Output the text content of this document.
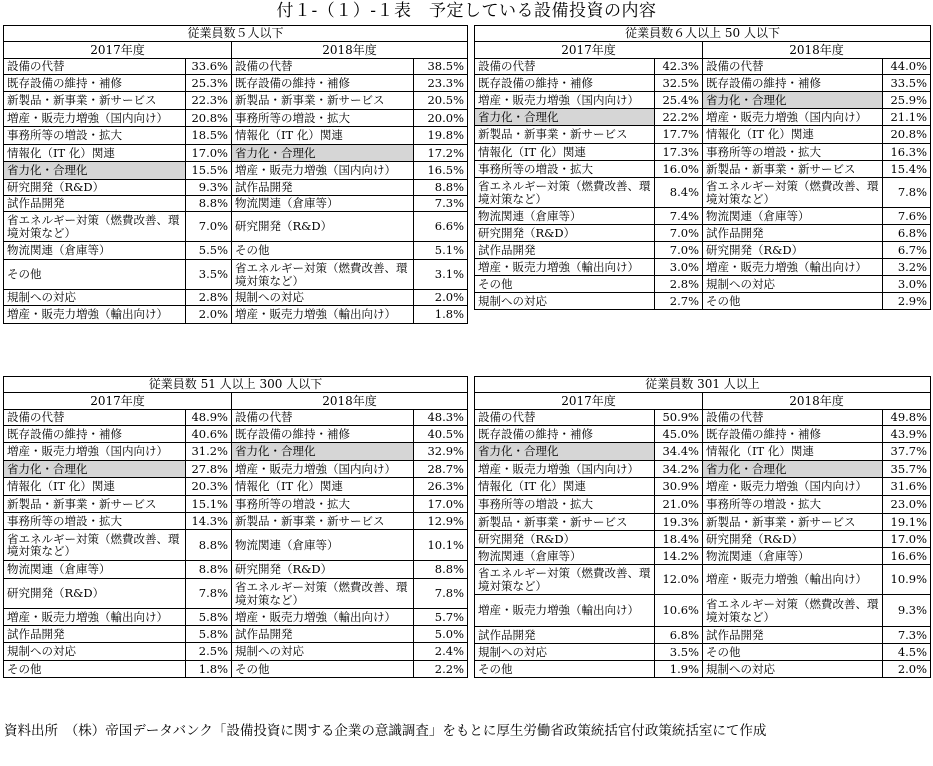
付１-（１）-１表　予定している設備投資の内容
従業員数５人以下			
2017年度		2018年度	
設備の代替	33.6%	設備の代替	38.5%
既存設備の維持・補修	25.3%	既存設備の維持・補修	23.3%
新製品・新事業・新サービス	22.3%	新製品・新事業・新サービス	20.5%
増産・販売力増強（国内向け）	20.8%	事務所等の増設・拡大	20.0%
事務所等の増設・拡大	18.5%	情報化（IT 化）関連	19.8%
情報化（IT 化）関連	17.0%	省力化・合理化	17.2%
省力化・合理化	15.5%	増産・販売力増強（国内向け）	16.5%
研究開発（R&D）	9.3%	試作品開発	8.8%
試作品開発	8.8%	物流関連（倉庫等）	7.3%
省エネルギー対策（燃費改善、環境対策など）	7.0%	研究開発（R&D）	6.6%
物流関連（倉庫等）	5.5%	その他	5.1%
その他	3.5%	省エネルギー対策（燃費改善、環境対策など）	3.1%
規制への対応	2.8%	規制への対応	2.0%
増産・販売力増強（輸出向け）	2.0%	増産・販売力増強（輸出向け）	1.8%
従業員数６人以上 50 人以下			
2017年度		2018年度	
設備の代替	42.3%	設備の代替	44.0%
既存設備の維持・補修	32.5%	既存設備の維持・補修	33.5%
増産・販売力増強（国内向け）	25.4%	省力化・合理化	25.9%
省力化・合理化	22.2%	増産・販売力増強（国内向け）	21.1%
新製品・新事業・新サービス	17.7%	情報化（IT 化）関連	20.8%
情報化（IT 化）関連	17.3%	事務所等の増設・拡大	16.3%
事務所等の増設・拡大	16.0%	新製品・新事業・新サービス	15.4%
省エネルギー対策（燃費改善、環境対策など）	8.4%	省エネルギー対策（燃費改善、環境対策など）	7.8%
物流関連（倉庫等）	7.4%	物流関連（倉庫等）	7.6%
研究開発（R&D）	7.0%	試作品開発	6.8%
試作品開発	7.0%	研究開発（R&D）	6.7%
増産・販売力増強（輸出向け）	3.0%	増産・販売力増強（輸出向け）	3.2%
その他	2.8%	規制への対応	3.0%
規制への対応	2.7%	その他	2.9%
従業員数 51 人以上 300 人以下			
2017年度		2018年度	
設備の代替	48.9%	設備の代替	48.3%
既存設備の維持・補修	40.6%	既存設備の維持・補修	40.5%
増産・販売力増強（国内向け）	31.2%	省力化・合理化	32.9%
省力化・合理化	27.8%	増産・販売力増強（国内向け）	28.7%
情報化（IT 化）関連	20.3%	情報化（IT 化）関連	26.3%
新製品・新事業・新サービス	15.1%	事務所等の増設・拡大	17.0%
事務所等の増設・拡大	14.3%	新製品・新事業・新サービス	12.9%
省エネルギー対策（燃費改善、環境対策など）	8.8%	物流関連（倉庫等）	10.1%
物流関連（倉庫等）	8.8%	研究開発（R&D）	8.8%
研究開発（R&D）	7.8%	省エネルギー対策（燃費改善、環境対策など）	7.8%
増産・販売力増強（輸出向け）	5.8%	増産・販売力増強（輸出向け）	5.7%
試作品開発	5.8%	試作品開発	5.0%
規制への対応	2.5%	規制への対応	2.4%
その他	1.8%	その他	2.2%
従業員数 301 人以上			
2017年度		2018年度	
設備の代替	50.9%	設備の代替	49.8%
既存設備の維持・補修	45.0%	既存設備の維持・補修	43.9%
省力化・合理化	34.4%	情報化（IT 化）関連	37.7%
増産・販売力増強（国内向け）	34.2%	省力化・合理化	35.7%
情報化（IT 化）関連	30.9%	増産・販売力増強（国内向け）	31.6%
事務所等の増設・拡大	21.0%	事務所等の増設・拡大	23.0%
新製品・新事業・新サービス	19.3%	新製品・新事業・新サービス	19.1%
研究開発（R&D）	18.4%	研究開発（R&D）	17.0%
物流関連（倉庫等）	14.2%	物流関連（倉庫等）	16.6%
省エネルギー対策（燃費改善、環境対策など）	12.0%	増産・販売力増強（輸出向け）	10.9%
増産・販売力増強（輸出向け）	10.6%	省エネルギー対策（燃費改善、環境対策など）	9.3%
試作品開発	6.8%	試作品開発	7.3%
規制への対応	3.5%	その他	4.5%
その他	1.9%	規制への対応	2.0%
資料出所　（株）帝国データバンク「設備投資に関する企業の意識調査」をもとに厚生労働省政策統括官付政策統括室にて作成
